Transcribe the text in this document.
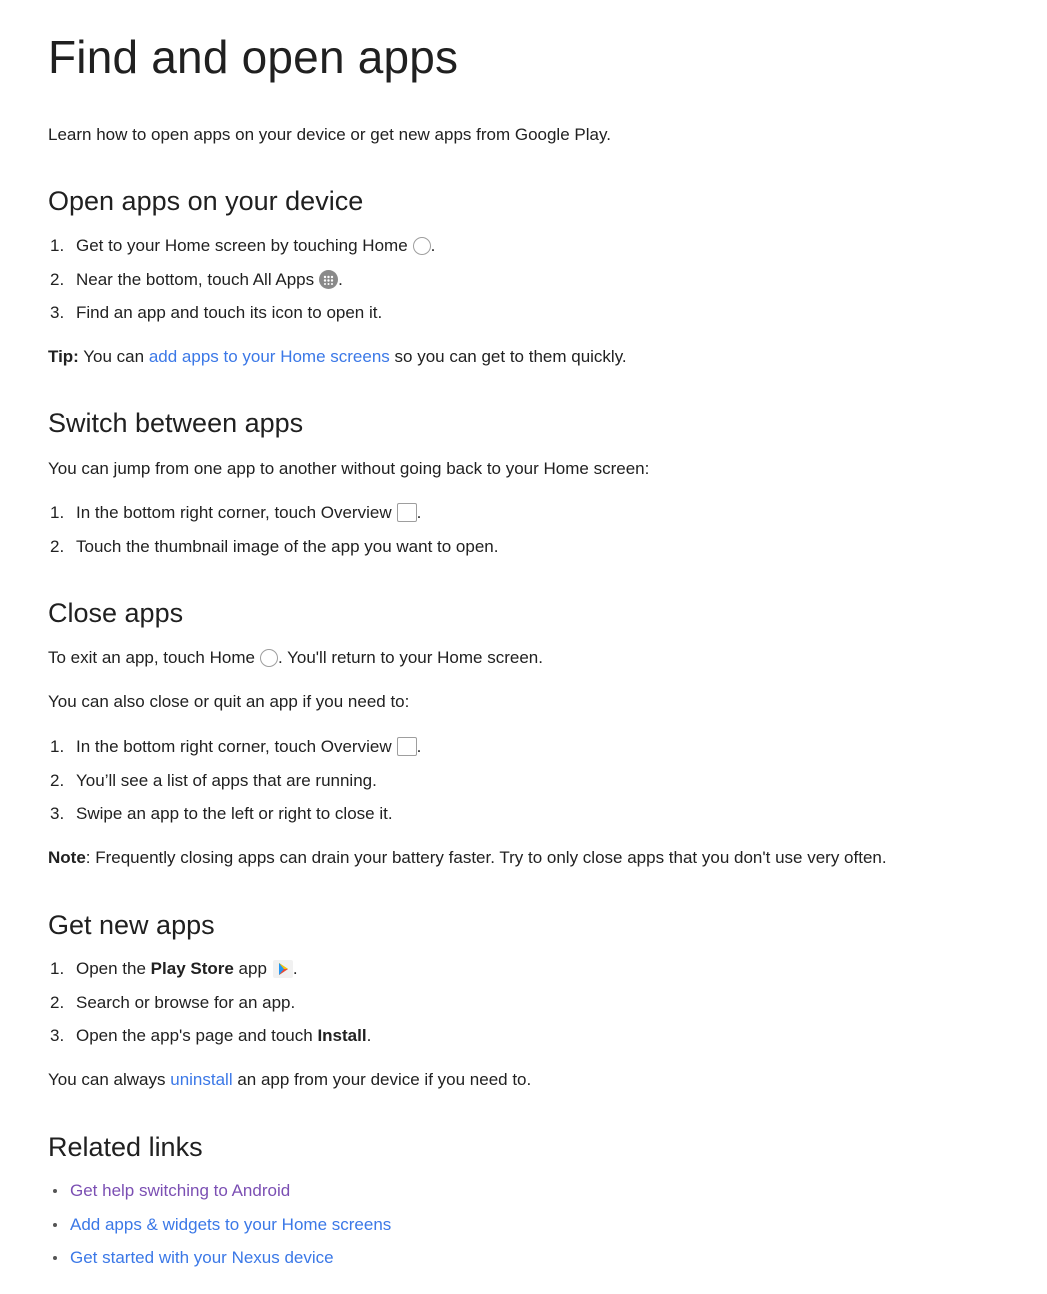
Find and open apps

Learn how to open apps on your device or get new apps from Google Play.

Open apps on your device
1. Get to your Home screen by touching Home .
2. Near the bottom, touch All Apps .
3. Find an app and touch its icon to open it.

Tip: You can add apps to your Home screens so you can get to them quickly.

Switch between apps

You can jump from one app to another without going back to your Home screen:

1. In the bottom right corner, touch Overview .
2. Touch the thumbnail image of the app you want to open.
Close apps

To exit an app, touch Home . You'll return to your Home screen.

You can also close or quit an app if you need to:

1. In the bottom right corner, touch Overview .
2. You’ll see a list of apps that are running.
3. Swipe an app to the left or right to close it.

Note: Frequently closing apps can drain your battery faster. Try to only close apps that you don't use very often.

Get new apps
1. Open the Play Store app .
2. Search or browse for an app.
3. Open the app's page and touch Install.

You can always uninstall an app from your device if you need to.

Related links
Get help switching to Android
Add apps & widgets to your Home screens
Get started with your Nexus device
